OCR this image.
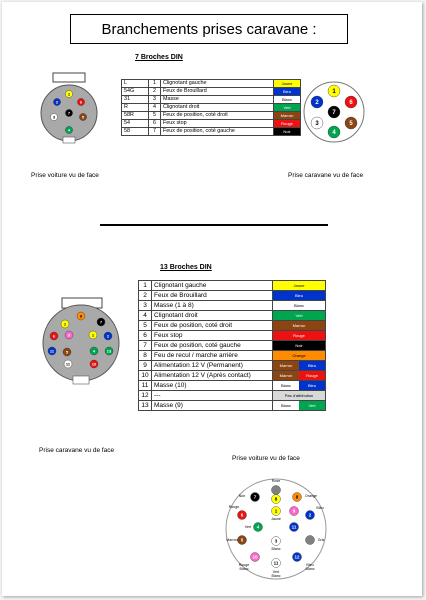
Branchements prises caravane :
7 Broches DIN
1
2
3
4
5
6
7
L	1	Clignotant gauche	Jaune
54G	2	Feux de Brouillard	Bleu
31	3	Masse	Blanc
R	4	Clignotant droit	Vert
58R	5	Feux de position, coté droit	Marron
54	6	Feux stop	Rouge
58	7	Feux de position, coté gauche	Noir
1
2
3
4
5
6
7
Prise voiture vu de face	Prise caravane vu de face
13 Broches DIN
8
7
1
6	9	1	2
11	5	4	13
11	10
1	Clignotant gauche	Jaune
2	Feux de Brouillard	Bleu
3	Masse (1 à 8)	Blanc
4	Clignotant droit	Vert
5	Feux de position, coté droit	Marron
6	Feux stop	Rouge
7	Feux de position, coté gauche	Noir
8	Feu de recul / marche arrière	Orange
9	Alimentation 12 V (Permanent)	Marron Bleu
10	Alimentation 12 V (Après contact)	Marron Rouge
11	Masse (10)	Blanc Bleu
12	---	Pas d'attribution
13	Masse (9)	Blanc Vert
Prise caravane vu de face
Prise voiture vu de face
Rose
7
Noir
8	8 Orange
6
Rouge
1
Jaune
9
2
Bleu
4
Vert	11
5
Marron	3
Blanc
Gris
10
Rouge
Blanc
11
Vert
Blanc
12
Bleu
Blanc
